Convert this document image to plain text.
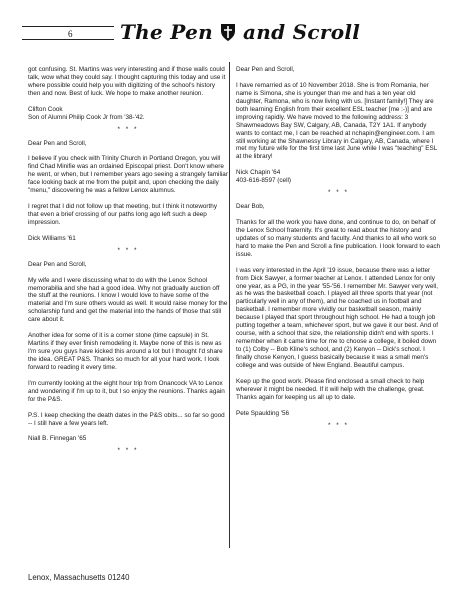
6 The Pen and Scroll

got confusing. St. Martins was very interesting and if those walls could talk, wow what they could say. I thought capturing this today and use it where possible could help you with digitizing of the school's history then and now. Best of luck. We hope to make another reunion.

Clifton Cook
Son of Alumni Philip Cook Jr from '38-'42.

* * *

Dear Pen and Scroll,

I believe if you check with Trinity Church in Portland Oregon, you will find Chad Minifie was an ordained Episcopal priest. Don't know where he went, or when, but I remember years ago seeing a strangely familiar face looking back at me from the pulpit and, upon checking the daily "menu," discovering he was a fellow Lenox alumnus.

I regret that I did not follow up that meeting, but I think it noteworthy that even a brief crossing of our paths long ago left such a deep impression.

Dick Williams '61

* * *

Dear Pen and Scroll,

My wife and I were discussing what to do with the Lenox School memorabilia and she had a good idea. Why not gradually auction off the stuff at the reunions. I know I would love to have some of the material and I'm sure others would as well. It would raise money for the scholarship fund and get the material into the hands of those that still care about it.

Another idea for some of it is a corner stone (time capsule) in St. Martins if they ever finish remodeling it. Maybe none of this is new as I'm sure you guys have kicked this around a lot but I thought I'd share the idea. GREAT P&S. Thanks so much for all your hard work. I look forward to reading it every time.

I'm currently looking at the eight hour trip from Onancock VA to Lenox and wondering if I'm up to it, but I so enjoy the reunions. Thanks again for the P&S.

P.S. I keep checking the death dates in the P&S obits... so far so good -- I still have a few years left.

Niall B. Finnegan '65

* * *

Dear Pen and Scroll,

I have remarried as of 10 November 2018. She is from Romania, her name is Simona, she is younger than me and has a ten year old daughter, Ramona, who is now living with us. [Instant family!] They are both learning English from their excellent ESL teacher [me :-)] and are improving rapidly. We have moved to the following address: 3 Shawmeadows Bay SW, Calgary, AB, Canada, T2Y 1A1. If anybody wants to contact me, I can be reached at nchapin@engineer.com. I am still working at the Shawnessy Library in Calgary, AB, Canada, where I met my future wife for the first time last June while I was "teaching" ESL at the library!

Nick Chapin '64
403-616-8597 (cell)

* * *

Dear Bob,

Thanks for all the work you have done, and continue to do, on behalf of the Lenox School fraternity. It's great to read about the history and updates of so many students and faculty. And thanks to all who work so hard to make the Pen and Scroll a fine publication. I look forward to each issue.

I was very interested in the April '19 issue, because there was a letter from Dick Sawyer, a former teacher at Lenox. I attended Lenox for only one year, as a PG, in the year '55-'56. I remember Mr. Sawyer very well, as he was the basketball coach. I played all three sports that year (not particularly well in any of them), and he coached us in football and basketball. I remember more vividly our basketball season, mainly because I played that sport throughout high school. He had a tough job putting together a team, whichever sport, but we gave it our best. And of course, with a school that size, the relationship didn't end with sports. I remember when it came time for me to choose a college, it boiled down to (1) Colby -- Bob Kline's school, and (2) Kenyon -- Dick's school. I finally chose Kenyon, I guess basically because it was a small men's college and was outside of New England. Beautiful campus.

Keep up the good work. Please find enclosed a small check to help wherever it might be needed. If it will help with the challenge, great. Thanks again for keeping us all up to date.

Pete Spaulding '56

* * *
Lenox, Massachusetts 01240
